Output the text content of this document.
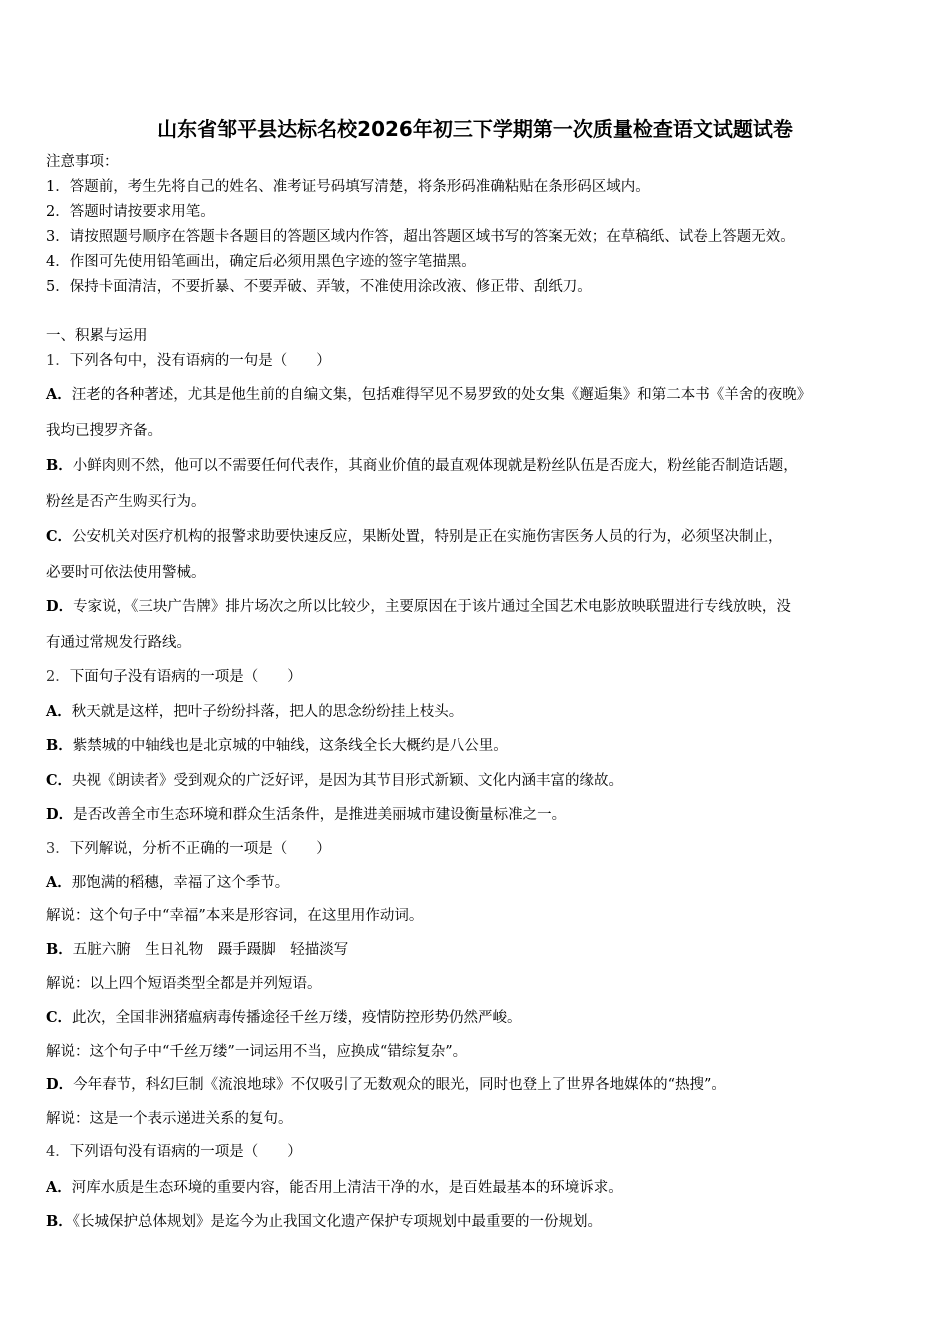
山东省邹平县达标名校2026年初三下学期第一次质量检查语文试题试卷
注意事项：
1．答题前，考生先将自己的姓名、准考证号码填写清楚，将条形码准确粘贴在条形码区域内。
2．答题时请按要求用笔。
3．请按照题号顺序在答题卡各题目的答题区域内作答，超出答题区域书写的答案无效；在草稿纸、试卷上答题无效。
4．作图可先使用铅笔画出，确定后必须用黑色字迹的签字笔描黑。
5．保持卡面清洁，不要折暴、不要弄破、弄皱，不准使用涂改液、修正带、刮纸刀。
一、积累与运用
1．下列各句中，没有语病的一句是（　　）
A．汪老的各种著述，尤其是他生前的自编文集，包括难得罕见不易罗致的处女集《邂逅集》和第二本书《羊舍的夜晚》
我均已搜罗齐备。
B．小鲜肉则不然，他可以不需要任何代表作，其商业价值的最直观体现就是粉丝队伍是否庞大，粉丝能否制造话题，
粉丝是否产生购买行为。
C．公安机关对医疗机构的报警求助要快速反应，果断处置，特别是正在实施伤害医务人员的行为，必须坚决制止，
必要时可依法使用警械。
D．专家说，《三块广告牌》排片场次之所以比较少，主要原因在于该片通过全国艺术电影放映联盟进行专线放映，没
有通过常规发行路线。
2．下面句子没有语病的一项是（　　）
A．秋天就是这样，把叶子纷纷抖落，把人的思念纷纷挂上枝头。
B．紫禁城的中轴线也是北京城的中轴线，这条线全长大概约是八公里。
C．央视《朗读者》受到观众的广泛好评，是因为其节目形式新颖、文化内涵丰富的缘故。
D．是否改善全市生态环境和群众生活条件，是推进美丽城市建设衡量标准之一。
3．下列解说，分析不正确的一项是（　　）
A．那饱满的稻穗，幸福了这个季节。
解说：这个句子中“幸福”本来是形容词，在这里用作动词。
B．五脏六腑　生日礼物　蹑手蹑脚　轻描淡写
解说：以上四个短语类型全都是并列短语。
C．此次，全国非洲猪瘟病毒传播途径千丝万缕，疫情防控形势仍然严峻。
解说：这个句子中“千丝万缕”一词运用不当，应换成“错综复杂”。
D．今年春节，科幻巨制《流浪地球》不仅吸引了无数观众的眼光，同时也登上了世界各地媒体的“热搜”。
解说：这是一个表示递进关系的复句。
4．下列语句没有语病的一项是（　　）
A．河库水质是生态环境的重要内容，能否用上清洁干净的水，是百姓最基本的环境诉求。
B．《长城保护总体规划》是迄今为止我国文化遗产保护专项规划中最重要的一份规划。
